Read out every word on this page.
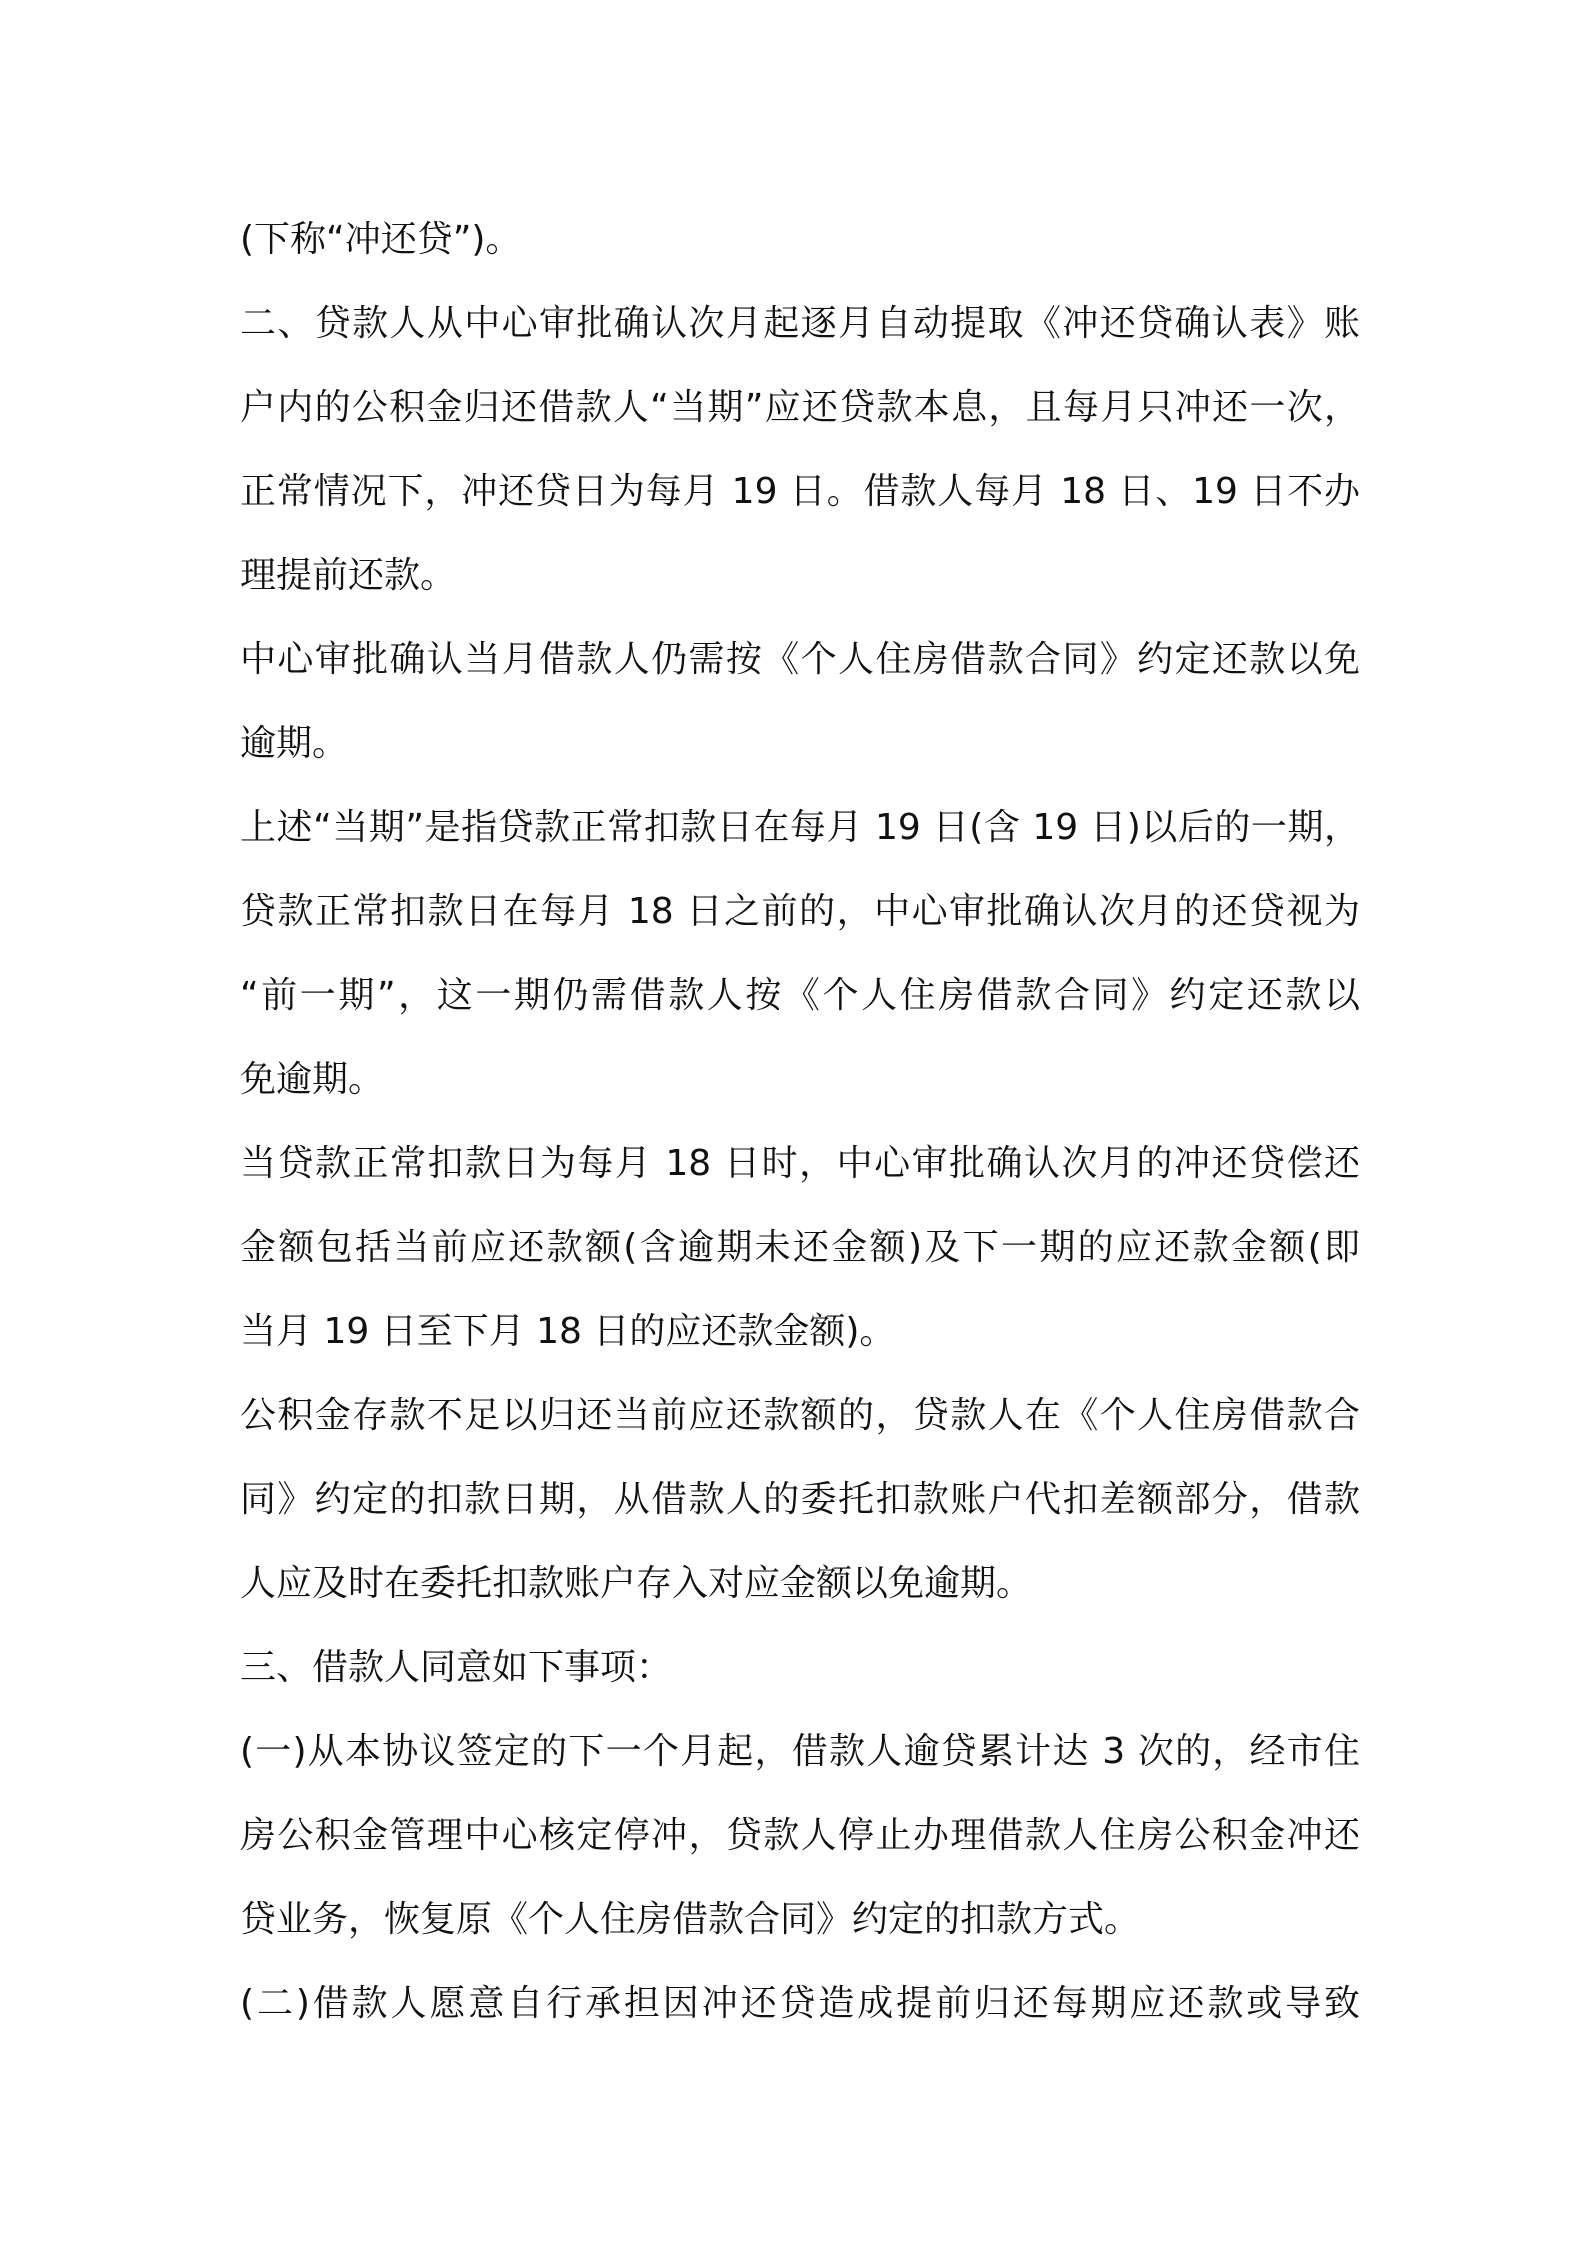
(下称“冲还贷”)。
二、贷款人从中心审批确认次月起逐月自动提取《冲还贷确认表》账
户内的公积金归还借款人“当期”应还贷款本息，且每月只冲还一次，
正常情况下，冲还贷日为每月 19 日。借款人每月 18 日、19 日不办
理提前还款。
中心审批确认当月借款人仍需按《个人住房借款合同》约定还款以免
逾期。
上述“当期”是指贷款正常扣款日在每月 19 日(含 19 日)以后的一期，
贷款正常扣款日在每月 18 日之前的，中心审批确认次月的还贷视为
“前一期”，这一期仍需借款人按《个人住房借款合同》约定还款以
免逾期。
当贷款正常扣款日为每月 18 日时，中心审批确认次月的冲还贷偿还
金额包括当前应还款额(含逾期未还金额)及下一期的应还款金额(即
当月 19 日至下月 18 日的应还款金额)。
公积金存款不足以归还当前应还款额的，贷款人在《个人住房借款合
同》约定的扣款日期，从借款人的委托扣款账户代扣差额部分，借款
人应及时在委托扣款账户存入对应金额以免逾期。
三、借款人同意如下事项：
(一)从本协议签定的下一个月起，借款人逾贷累计达 3 次的，经市住
房公积金管理中心核定停冲，贷款人停止办理借款人住房公积金冲还
贷业务，恢复原《个人住房借款合同》约定的扣款方式。
(二)借款人愿意自行承担因冲还贷造成提前归还每期应还款或导致
